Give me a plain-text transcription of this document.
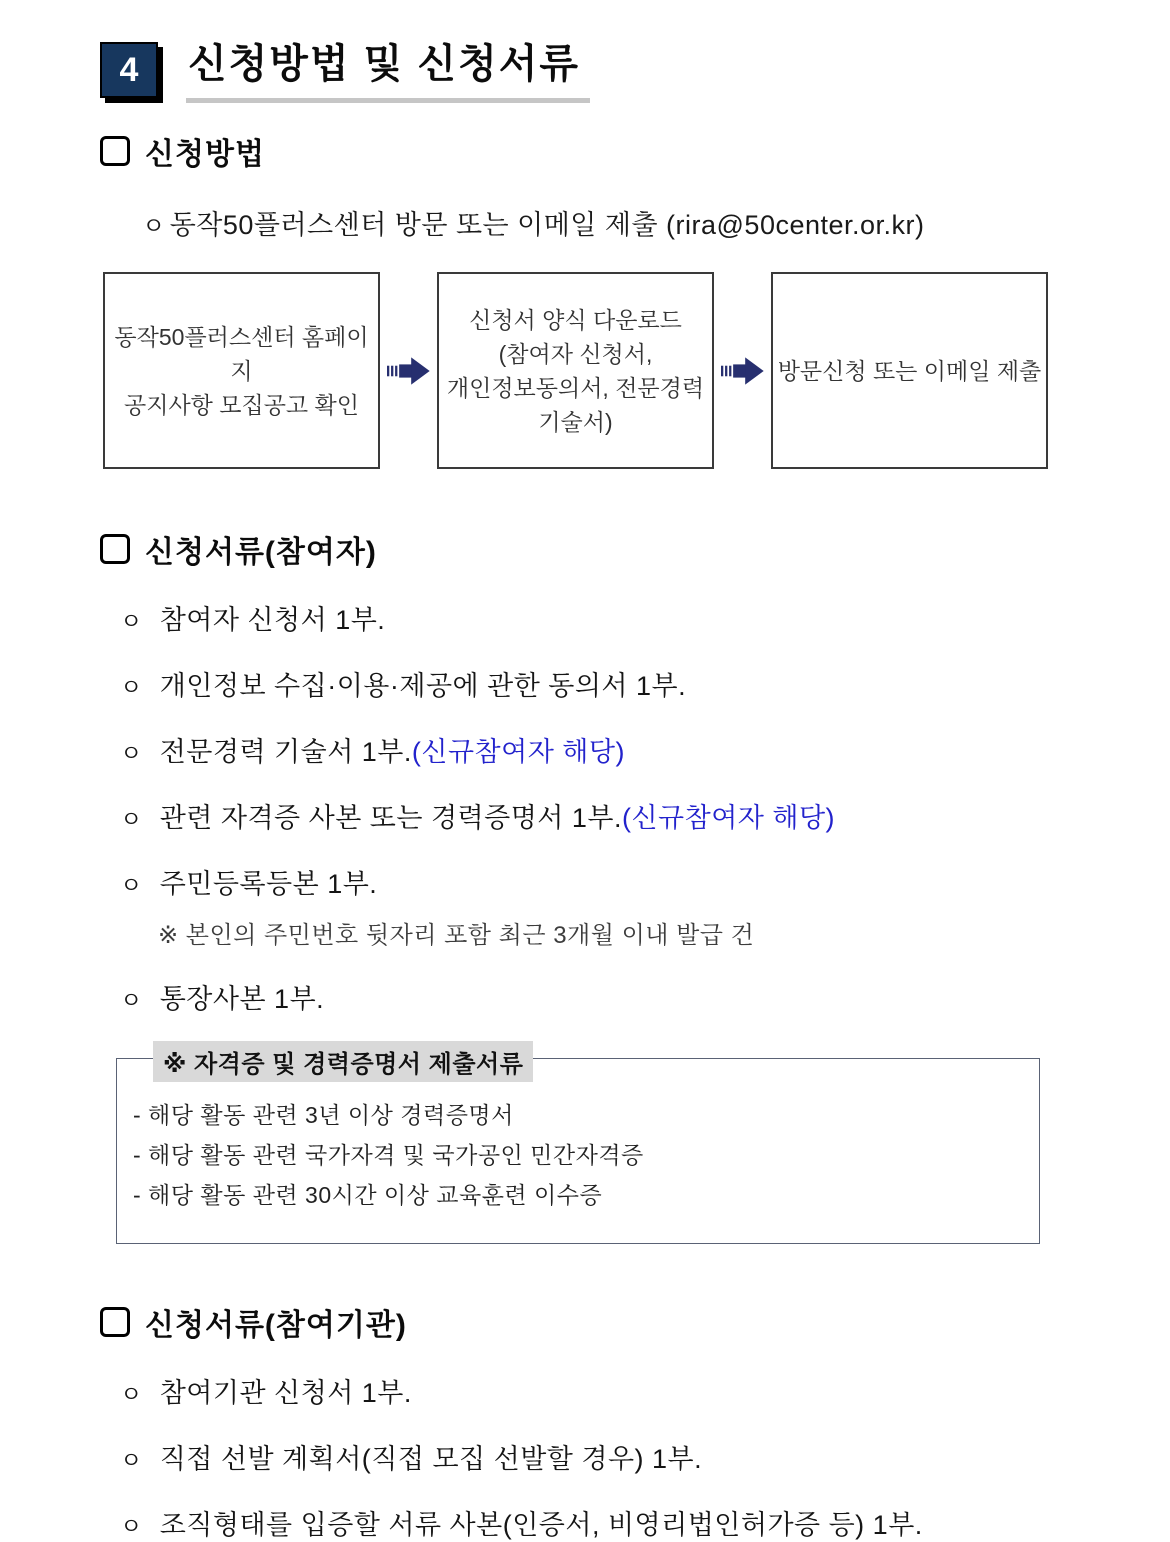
4 신청방법 및 신청서류
신청방법
ㅇ 동작50플러스센터 방문 또는 이메일 제출 (rira@50center.or.kr)
동작50플러스센터 홈페이지
공지사항 모집공고 확인
신청서 양식 다운로드
(참여자 신청서,
개인정보동의서, 전문경력
기술서)
방문신청 또는 이메일 제출
신청서류(참여자)
ㅇ 참여자 신청서 1부.
ㅇ 개인정보 수집·이용·제공에 관한 동의서 1부.
ㅇ 전문경력 기술서 1부.(신규참여자 해당)
ㅇ 관련 자격증 사본 또는 경력증명서 1부.(신규참여자 해당)
ㅇ 주민등록등본 1부.
※ 본인의 주민번호 뒷자리 포함 최근 3개월 이내 발급 건
ㅇ 통장사본 1부.
※ 자격증 및 경력증명서 제출서류
- 해당 활동 관련 3년 이상 경력증명서
- 해당 활동 관련 국가자격 및 국가공인 민간자격증
- 해당 활동 관련 30시간 이상 교육훈련 이수증
신청서류(참여기관)
ㅇ 참여기관 신청서 1부.
ㅇ 직접 선발 계획서(직접 모집 선발할 경우) 1부.
ㅇ 조직형태를 입증할 서류 사본(인증서, 비영리법인허가증 등) 1부.
